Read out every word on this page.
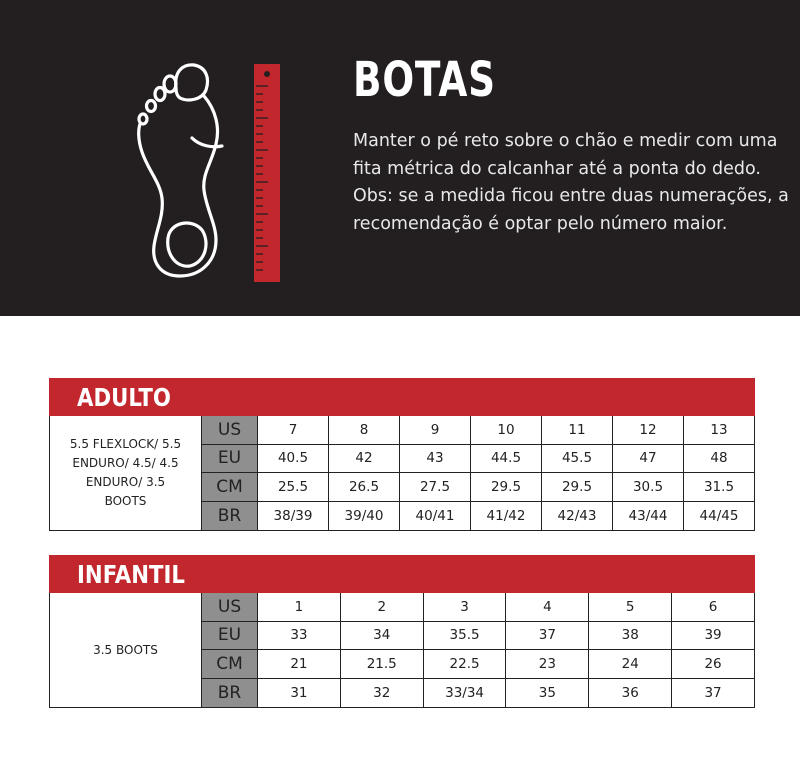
BOTAS

Manter o pé reto sobre o chão e medir com uma fita métrica do calcanhar até a ponta do dedo. Obs: se a medida ficou entre duas numerações, a recomendação é optar pelo número maior.

ADULTO
5.5 FLEXLOCK/ 5.5 ENDURO/ 4.5/ 4.5 ENDURO/ 3.5 BOOTS
US	7	8	9	10	11	12	13
EU	40.5	42	43	44.5	45.5	47	48
CM	25.5	26.5	27.5	29.5	29.5	30.5	31.5
BR	38/39	39/40	40/41	41/42	42/43	43/44	44/45
INFANTIL
3.5 BOOTS
US	1	2	3	4	5	6
EU	33	34	35.5	37	38	39
CM	21	21.5	22.5	23	24	26
BR	31	32	33/34	35	36	37
